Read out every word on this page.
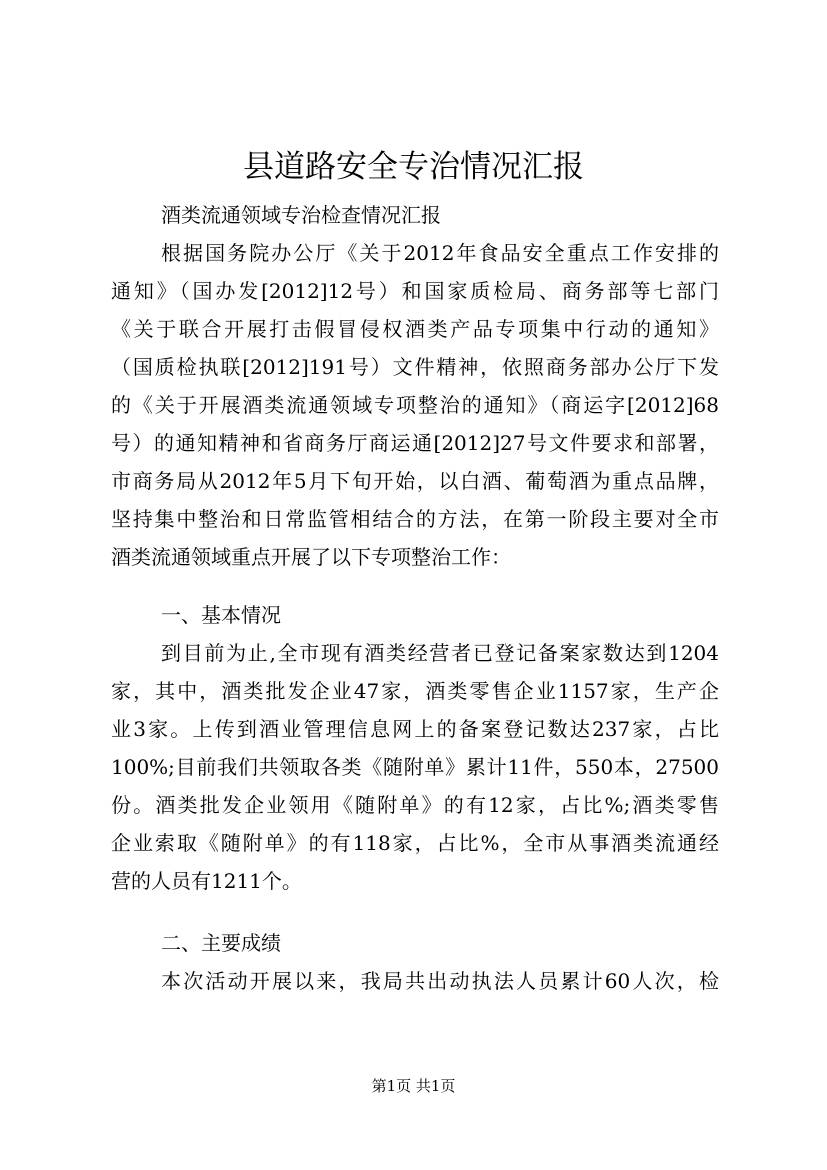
县道路安全专治情况汇报
酒类流通领域专治检查情况汇报
根据国务院办公厅《关于2012年食品安全重点工作安排的
通知》（国办发[2012]12号）和国家质检局、商务部等七部门
《关于联合开展打击假冒侵权酒类产品专项集中行动的通知》
（国质检执联[2012]191号）文件精神，依照商务部办公厅下发
的《关于开展酒类流通领域专项整治的通知》（商运字[2012]68
号）的通知精神和省商务厅商运通[2012]27号文件要求和部署，
市商务局从2012年5月下旬开始，以白酒、葡萄酒为重点品牌，
坚持集中整治和日常监管相结合的方法，在第一阶段主要对全市
酒类流通领域重点开展了以下专项整治工作：
一、基本情况
到目前为止,全市现有酒类经营者已登记备案家数达到1204
家，其中，酒类批发企业47家，酒类零售企业1157家，生产企
业3家。上传到酒业管理信息网上的备案登记数达237家，占比
100%;目前我们共领取各类《随附单》累计11件，550本，27500
份。酒类批发企业领用《随附单》的有12家，占比%;酒类零售
企业索取《随附单》的有118家，占比%，全市从事酒类流通经
营的人员有1211个。
二、主要成绩
本次活动开展以来，我局共出动执法人员累计60人次，检
第1页 共1页
